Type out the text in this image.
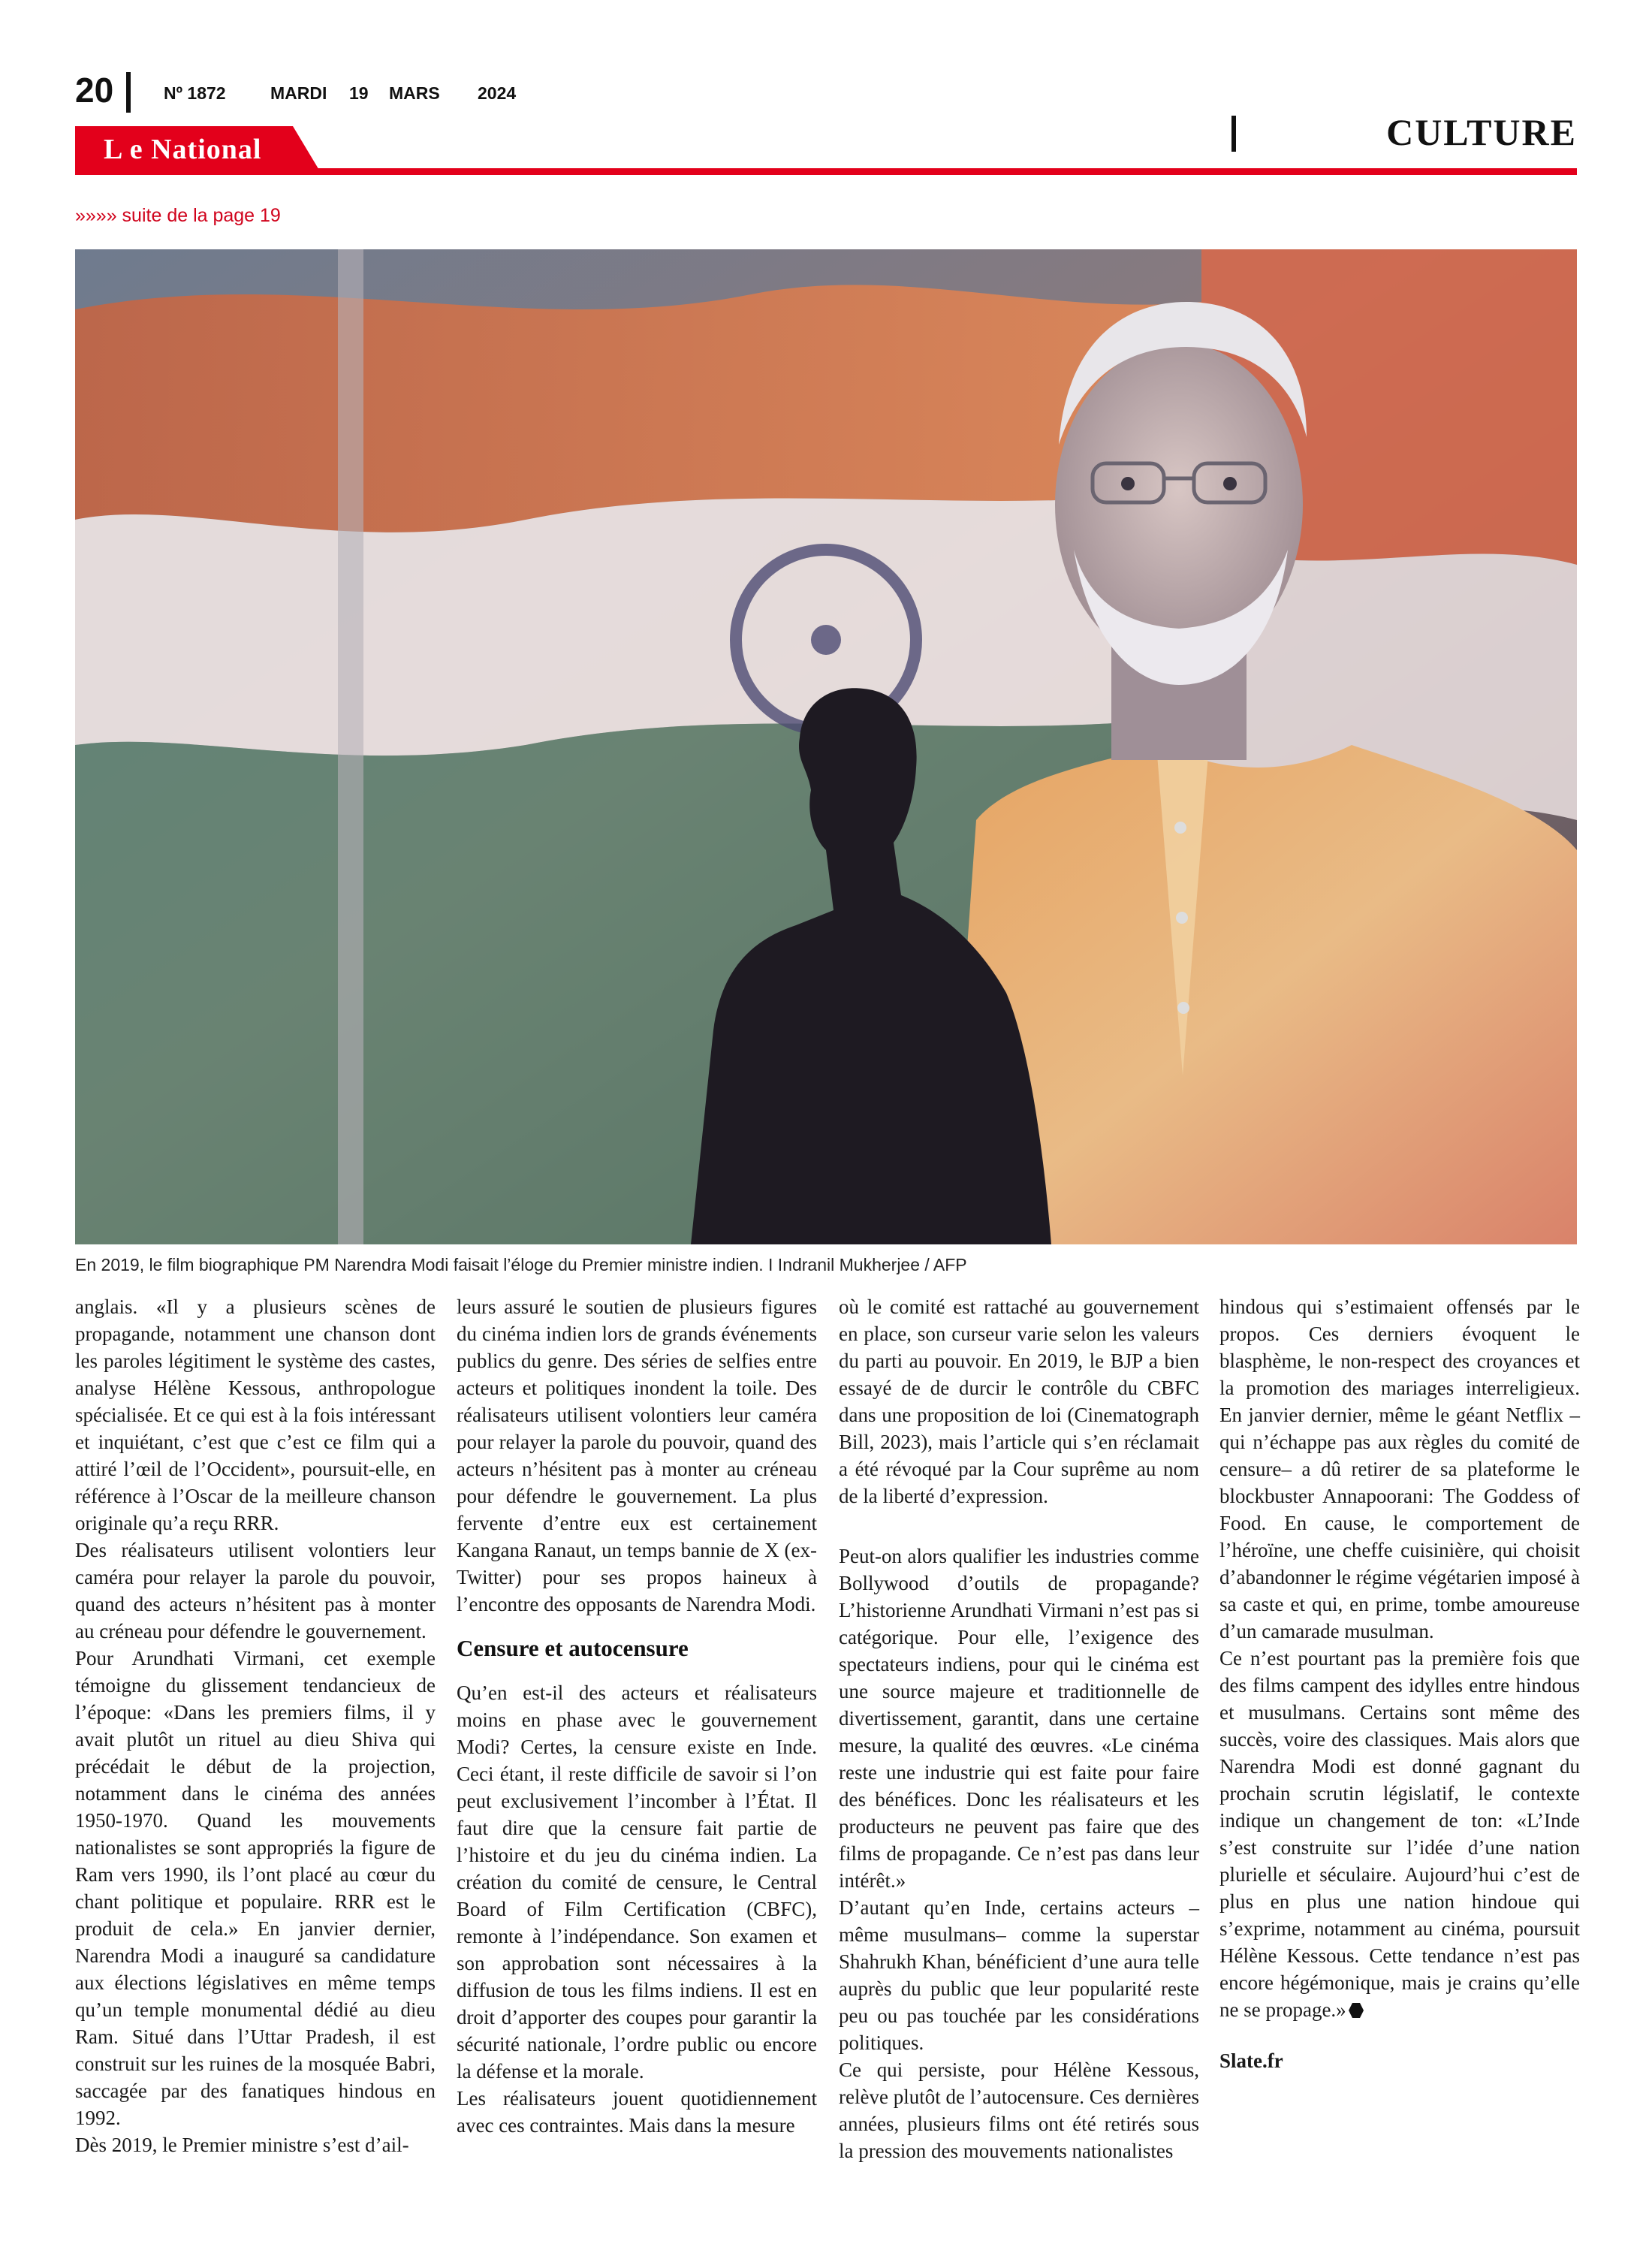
20	Nº 1872	MARDI 19 MARS 2024
L e National	CULTURE
»»»» suite de la page 19
En 2019, le film biographique PM Narendra Modi faisait l’éloge du Premier ministre indien. I Indranil Mukherjee / AFP

anglais. «Il y a plusieurs scènes de propagande, notamment une chanson dont les paroles légitiment le système des castes, analyse Hélène Kessous, anthropologue spécialisée. Et ce qui est à la fois intéressant et inquiétant, c’est que c’est ce film qui a attiré l’œil de l’Occident», poursuit-elle, en référence à l’Oscar de la meilleure chanson originale qu’a reçu RRR.

Des réalisateurs utilisent volontiers leur caméra pour relayer la parole du pouvoir, quand des acteurs n’hésitent pas à monter au créneau pour défendre le gouvernement.

Pour Arundhati Virmani, cet exemple témoigne du glissement tendancieux de l’époque: «Dans les premiers films, il y avait plutôt un rituel au dieu Shiva qui précédait le début de la projection, notamment dans le cinéma des années 1950-1970. Quand les mouvements nationalistes se sont appropriés la figure de Ram vers 1990, ils l’ont placé au cœur du chant politique et populaire. RRR est le produit de cela.» En janvier dernier, Narendra Modi a inauguré sa candidature aux élections législatives en même temps qu’un temple monumental dédié au dieu Ram. Situé dans l’Uttar Pradesh, il est construit sur les ruines de la mosquée Babri, saccagée par des fanatiques hindous en 1992.

Dès 2019, le Premier ministre s’est d’ail-

leurs assuré le soutien de plusieurs figures du cinéma indien lors de grands événements publics du genre. Des séries de selfies entre acteurs et politiques inondent la toile. Des réalisateurs utilisent volontiers leur caméra pour relayer la parole du pouvoir, quand des acteurs n’hésitent pas à monter au créneau pour défendre le gouvernement. La plus fervente d’entre eux est certainement Kangana Ranaut, un temps bannie de X (ex-Twitter) pour ses propos haineux à l’encontre des opposants de Narendra Modi.

Censure et autocensure

Qu’en est-il des acteurs et réalisateurs moins en phase avec le gouvernement Modi? Certes, la censure existe en Inde. Ceci étant, il reste difficile de savoir si l’on peut exclusivement l’incomber à l’État. Il faut dire que la censure fait partie de l’histoire et du jeu du cinéma indien. La création du comité de censure, le Central Board of Film Certification (CBFC), remonte à l’indépendance. Son examen et son approbation sont nécessaires à la diffusion de tous les films indiens. Il est en droit d’apporter des coupes pour garantir la sécurité nationale, l’ordre public ou encore la défense et la morale.

Les réalisateurs jouent quotidiennement avec ces contraintes. Mais dans la mesure

où le comité est rattaché au gouvernement en place, son curseur varie selon les valeurs du parti au pouvoir. En 2019, le BJP a bien essayé de de durcir le contrôle du CBFC dans une proposition de loi (Cinematograph Bill, 2023), mais l’article qui s’en réclamait a été révoqué par la Cour suprême au nom de la liberté d’expression.

Peut-on alors qualifier les industries comme Bollywood d’outils de propagande? L’historienne Arundhati Virmani n’est pas si catégorique. Pour elle, l’exigence des spectateurs indiens, pour qui le cinéma est une source majeure et traditionnelle de divertissement, garantit, dans une certaine mesure, la qualité des œuvres. «Le cinéma reste une industrie qui est faite pour faire des bénéfices. Donc les réalisateurs et les producteurs ne peuvent pas faire que des films de propagande. Ce n’est pas dans leur intérêt.»

D’autant qu’en Inde, certains acteurs –même musulmans– comme la superstar Shahrukh Khan, bénéficient d’une aura telle auprès du public que leur popularité reste peu ou pas touchée par les considérations politiques.

Ce qui persiste, pour Hélène Kessous, relève plutôt de l’autocensure. Ces dernières années, plusieurs films ont été retirés sous la pression des mouvements nationalistes

hindous qui s’estimaient offensés par le propos. Ces derniers évoquent le blasphème, le non-respect des croyances et la promotion des mariages interreligieux. En janvier dernier, même le géant Netflix –qui n’échappe pas aux règles du comité de censure– a dû retirer de sa plateforme le blockbuster Annapoorani: The Goddess of Food. En cause, le comportement de l’héroïne, une cheffe cuisinière, qui choisit d’abandonner le régime végétarien imposé à sa caste et qui, en prime, tombe amoureuse d’un camarade musulman.

Ce n’est pourtant pas la première fois que des films campent des idylles entre hindous et musulmans. Certains sont même des succès, voire des classiques. Mais alors que Narendra Modi est donné gagnant du prochain scrutin législatif, le contexte indique un changement de ton: «L’Inde s’est construite sur l’idée d’une nation plurielle et séculaire. Aujourd’hui c’est de plus en plus une nation hindoue qui s’exprime, notamment au cinéma, poursuit Hélène Kessous. Cette tendance n’est pas encore hégémonique, mais je crains qu’elle ne se propage.»

Slate.fr
